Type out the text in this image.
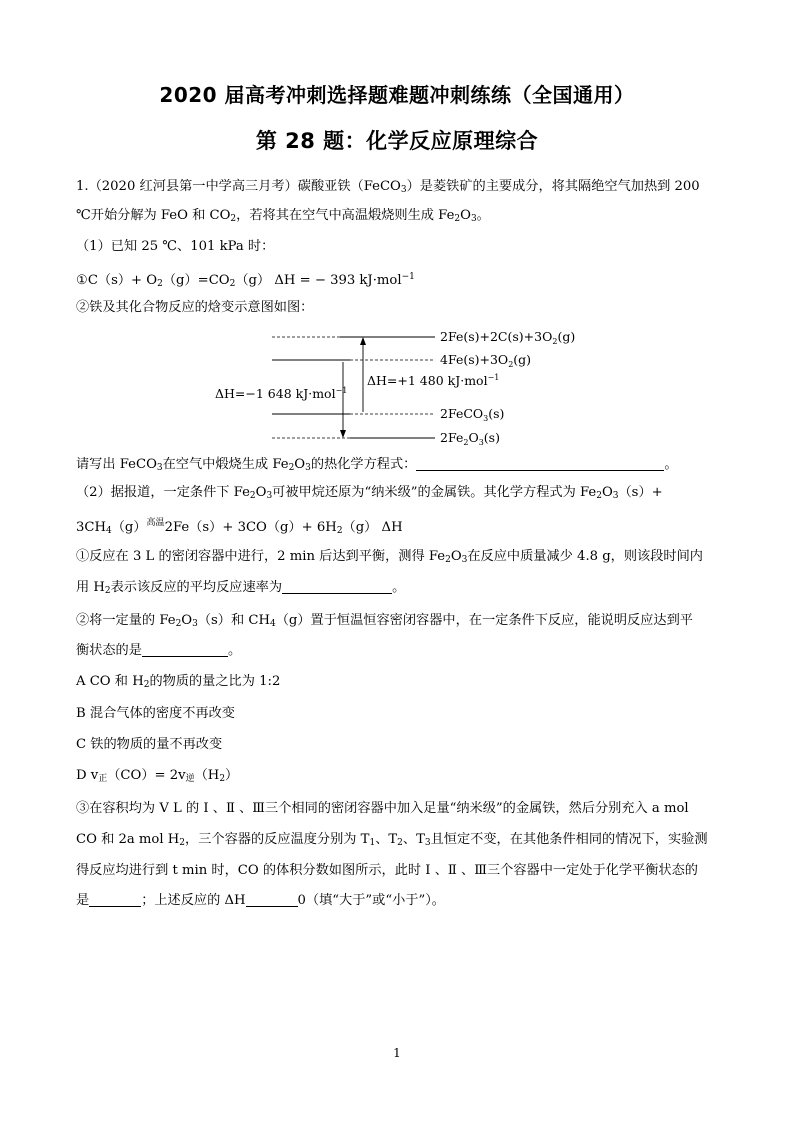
2020 届高考冲刺选择题难题冲刺练练（全国通用）
第 28 题：化学反应原理综合
1.（2020 红河县第一中学高三月考）碳酸亚铁（FeCO$_3$）是菱铁矿的主要成分，将其隔绝空气加热到 200
℃开始分解为 FeO 和 $CO_2$，若将其在空气中高温煅烧则生成 $Fe_2O_3$。
（1）已知 25 ℃、101 kPa 时：
①C（s）+ $O_2(g)=CO_2(g) \Delta H$ = − 393 kJ·mol$^{-1}$
②铁及其化合物反应的焓变示意图如图：
$2Fe(s)+2C(s)+3O_2(g)$
$4Fe(s)+3O_2(g)$
2FeCO$_3$(s)
$2Fe_2O_3(s)$
ΔH=−1 648 kJ·mol$^{-1}$
ΔH=+1 480 kJ·mol$^{-1}$
请写出 FeCO$_3$在空气中煅烧生成 $Fe_2O_3$的热化学方程式：	。
（2）据报道，一定条件下 $Fe_2O_3$可被甲烷还原为“纳米级”的金属铁。其化学方程式为 $Fe_2O_3(s)+$
$3CH_4(g)^{高温}2Fe(s)+ 3CO(g)+ 6H_2(g)$ ΔH
①反应在 3 L 的密闭容器中进行，2 min 后达到平衡，测得 $Fe_2O_3$在反应中质量减少 4.8 g，则该段时间内
用 $H_2$表示该反应的平均反应速率为	。
②将一定量的 $Fe_2O_3(s)$和 $CH_4(g)$置于恒温恒容密闭容器中，在一定条件下反应，能说明反应达到平
衡状态的是	。
A CO 和 $H_2$的物质的量之比为 1:2
B 混合气体的密度不再改变
C 铁的物质的量不再改变
D v正（CO）= 2v逆$(H_2)$
③在容积均为 V L 的 Ⅰ 、Ⅱ 、Ⅲ三个相同的密闭容器中加入足量“纳米级”的金属铁，然后分别充入 a mol
CO 和 2a mol $H_2$，三个容器的反应温度分别为 $T_1$、$T_2$、$T_3$且恒定不变，在其他条件相同的情况下，实验测
得反应均进行到 t min 时，CO 的体积分数如图所示，此时 Ⅰ 、Ⅱ 、Ⅲ三个容器中一定处于化学平衡状态的
是	；上述反应的 ΔH	0（填“大于”或“小于”）。
1
